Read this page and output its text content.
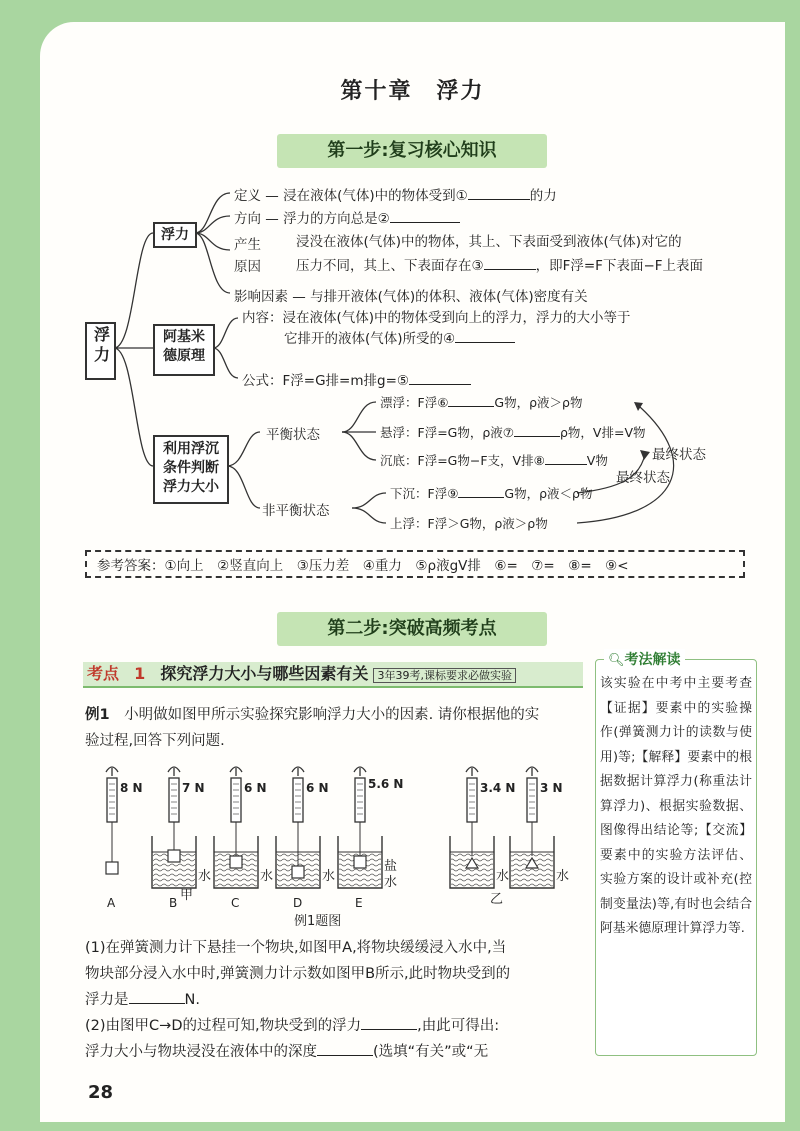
第十章　浮力
第一步:复习核心知识
浮力
浮力
阿基米
德原理
利用浮沉
条件判断
浮力大小
定义 — 浸在液体(气体)中的物体受到①	的力
方向 — 浮力的方向总是②
产生
原因
浸没在液体(气体)中的物体，其上、下表面受到液体(气体)对它的
压力不同，其上、下表面存在③	，即F浮=F下表面−F上表面
影响因素 — 与排开液体(气体)的体积、液体(气体)密度有关
内容：浸在液体(气体)中的物体受到向上的浮力，浮力的大小等于
它排开的液体(气体)所受的④
公式：F浮=G排=m排g=⑤
平衡状态
非平衡状态
漂浮：F浮⑥	G物，ρ液＞ρ物
悬浮：F浮=G物，ρ液⑦	ρ物，V排=V物
沉底：F浮=G物−F支，V排⑧	V物
下沉：F浮⑨	G物，ρ液＜ρ物
上浮：F浮＞G物，ρ液＞ρ物
最终状态
最终状态
参考答案：①向上　②竖直向上　③压力差　④重力　⑤ρ液gV排　⑥=　⑦=　⑧=　⑨<
第二步:突破高频考点
考点 1 探究浮力大小与哪些因素有关 3年39考,课标要求必做实验
例1　 小明做如图甲所示实验探究影响浮力大小的因素. 请你根据他的实
验过程,回答下列问题.
8 N
A
7 N
B
6 N
C
6 N
D
5.6 N
E
3.4 N 3 N
水	水	水	水	水
盐
水
甲	乙
例1题图
(1)在弹簧测力计下悬挂一个物块,如图甲A,将物块缓缓浸入水中,当
物块部分浸入水中时,弹簧测力计示数如图甲B所示,此时物块受到的
浮力是	N.
(2)由图甲C→D的过程可知,物块受到的浮力	,由此可得出:
浮力大小与物块浸没在液体中的深度	(选填“有关”或“无
🔍︎考法解读
该实验在中考中主要考查【证据】要素中的实验操作(弹簧测力计的读数与使用)等;【解释】要素中的根据数据计算浮力(称重法计算浮力)、根据实验数据、图像得出结论等;【交流】要素中的实验方法评估、实验方案的设计或补充(控制变量法)等,有时也会结合阿基米德原理计算浮力等.
28
